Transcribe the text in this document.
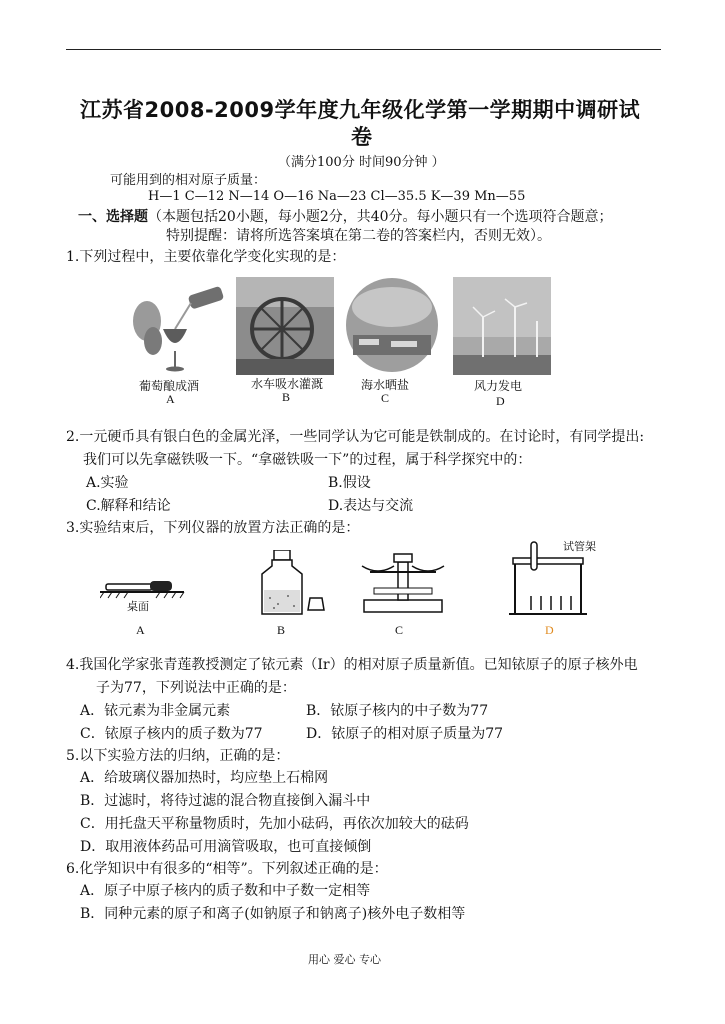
江苏省2008-2009学年度九年级化学第一学期期中调研试
卷
（满分100分 时间90分钟 ）
可能用到的相对原子质量：
H—1 C—12 N—14 O—16 Na—23 Cl—35.5 K—39 Mn—55
一、选择题（本题包括20小题，每小题2分，共40分。每小题只有一个选项符合题意；
特别提醒：请将所选答案填在第二卷的答案栏内，否则无效）。
1.下列过程中，主要依靠化学变化实现的是：
葡萄酿成酒
A
水车吸水灌溉
B
海水晒盐
C
风力发电
D
2.一元硬币具有银白色的金属光泽，一些同学认为它可能是铁制成的。在讨论时，有同学提出:
我们可以先拿磁铁吸一下。“拿磁铁吸一下”的过程，属于科学探究中的：
A.实验	B.假设
C.解释和结论	D.表达与交流
3.实验结束后，下列仪器的放置方法正确的是：
桌面
A	B	C
试管架
D
4.我国化学家张青莲教授测定了铱元素（Ir）的相对原子质量新值。已知铱原子的原子核外电
子为77，下列说法中正确的是：
A．铱元素为非金属元素	B．铱原子核内的中子数为77
C．铱原子核内的质子数为77	D．铱原子的相对原子质量为77
5.以下实验方法的归纳，正确的是：
A．给玻璃仪器加热时，均应垫上石棉网
B．过滤时，将待过滤的混合物直接倒入漏斗中
C．用托盘天平称量物质时，先加小砝码，再依次加较大的砝码
D．取用液体药品可用滴管吸取，也可直接倾倒
6.化学知识中有很多的“相等”。下列叙述正确的是：
A．原子中原子核内的质子数和中子数一定相等
B．同种元素的原子和离子(如钠原子和钠离子)核外电子数相等
用心 爱心 专心
